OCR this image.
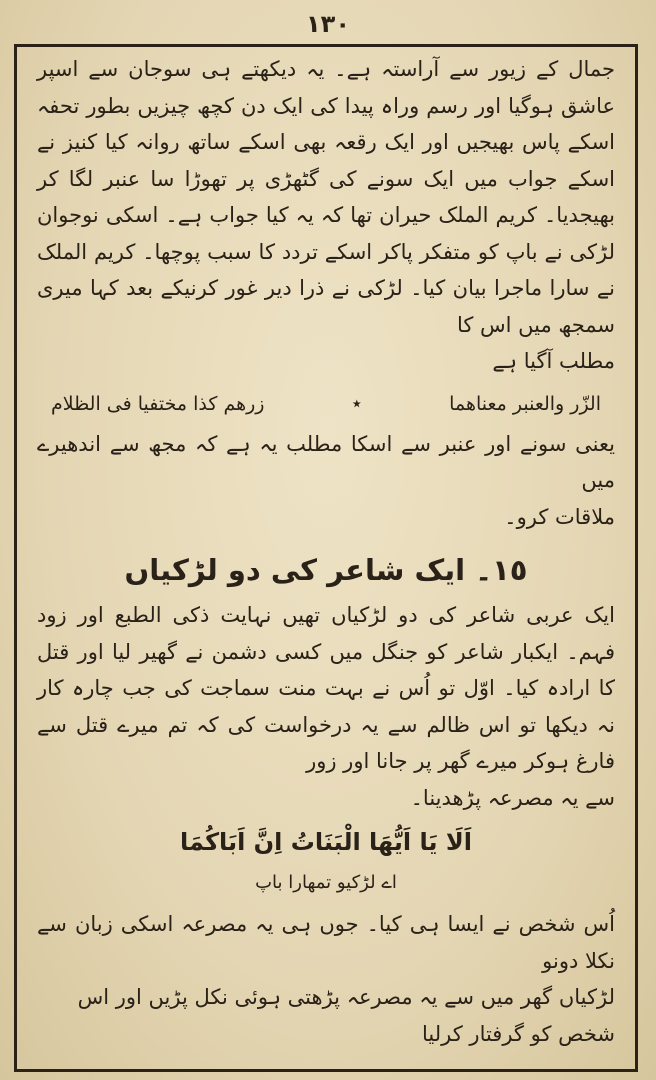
١٣٠

جمال کے زیور سے آراستہ ہے۔ یہ دیکھتے ہی سوجان سے اسپر عاشق ہوگیا اور رسم وراہ پیدا کی ایک دن کچھ چیزیں بطور تحفہ اسکے پاس بھیجیں اور ایک رقعہ بھی اسکے ساتھ روانہ کیا کنیز نے اسکے جواب میں ایک سونے کی گٹھڑی پر تھوڑا سا عنبر لگا کر بھیجدیا۔ کریم الملک حیران تھا کہ یہ کیا جواب ہے۔ اسکی نوجوان لڑکی نے باپ کو متفکر پاکر اسکے تردد کا سبب پوچھا۔ کریم الملک نے سارا ماجرا بیان کیا۔ لڑکی نے ذرا دیر غور کرنیکے بعد کہا میری سمجھ میں اس کا

مطلب آگیا ہے

الزّر والعنبر معناھما
٭
زرھم کذا مختفیا فی الظلام

یعنی سونے اور عنبر سے اسکا مطلب یہ ہے کہ مجھ سے اندھیرے میں

ملاقات کرو۔

١٥۔ ایک شاعر کی دو لڑکیاں

ایک عربی شاعر کی دو لڑکیاں تھیں نہایت ذکی الطبع اور زود فہم۔ ایکبار شاعر کو جنگل میں کسی دشمن نے گھیر لیا اور قتل کا ارادہ کیا۔ اوّل تو اُس نے بہت منت سماجت کی جب چارہ کار نہ دیکھا تو اس ظالم سے یہ درخواست کی کہ تم میرے قتل سے فارغ ہوکر میرے گھر پر جانا اور زور

سے یہ مصرعہ پڑھدینا۔

اَلَا یَا اَیُّھَا الْبَنَاتُ اِنَّ اَبَاکُمَا
اے لڑکیو تمھارا باپ

اُس شخص نے ایسا ہی کیا۔ جوں ہی یہ مصرعہ اسکی زبان سے نکلا دونو

لڑکیاں گھر میں سے یہ مصرعہ پڑھتی ہوئی نکل پڑیں اور اس شخص کو گرفتار کرلیا
